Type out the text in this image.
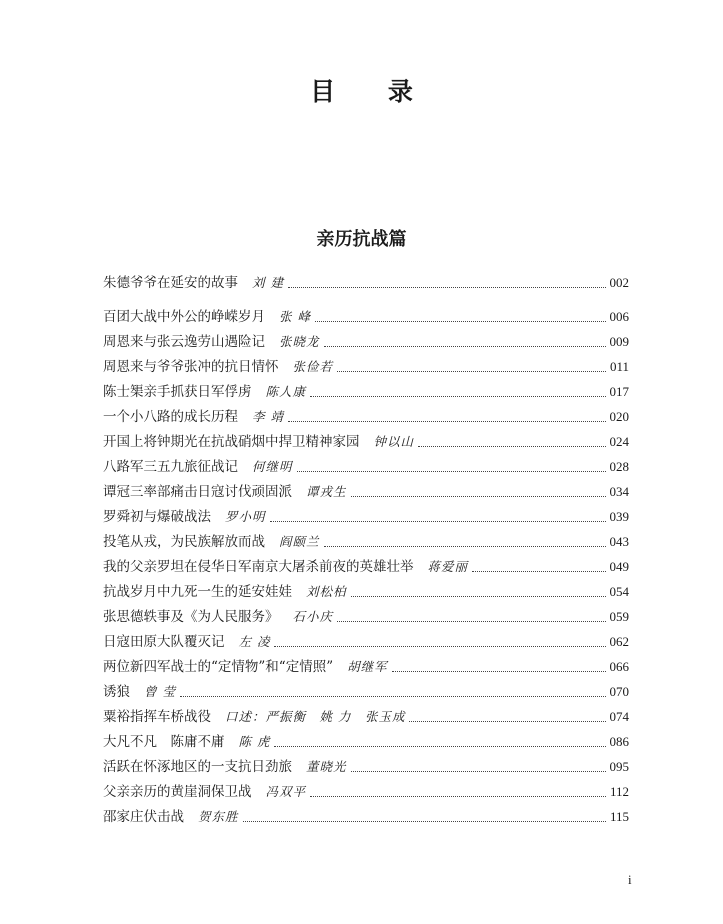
目 录
亲历抗战篇
朱德爷爷在延安的故事 刘 建	002
百团大战中外公的峥嵘岁月 张 峰	006
周恩来与张云逸劳山遇险记 张晓龙	009
周恩来与爷爷张冲的抗日情怀 张俭若	011
陈士榘亲手抓获日军俘虏 陈人康	017
一个小八路的成长历程 李 靖	020
开国上将钟期光在抗战硝烟中捍卫精神家园 钟以山	024
八路军三五九旅征战记 何继明	028
谭冠三率部痛击日寇讨伐顽固派 谭戎生	034
罗舜初与爆破战法 罗小明	039
投笔从戎，为民族解放而战 阎颐兰	043
我的父亲罗坦在侵华日军南京大屠杀前夜的英雄壮举 蒋爱丽	049
抗战岁月中九死一生的延安娃娃 刘松柏	054
张思德轶事及《为人民服务》 石小庆	059
日寇田原大队覆灭记 左 凌	062
两位新四军战士的“定情物”和“定情照” 胡继军	066
诱狼 曾 莹	070
粟裕指挥车桥战役 口述：严振衡　姚 力　张玉成	074
大凡不凡　陈庸不庸 陈 虎	086
活跃在怀涿地区的一支抗日劲旅 董晓光	095
父亲亲历的黄崖洞保卫战 冯双平	112
邵家庄伏击战 贺东胜	115
i
